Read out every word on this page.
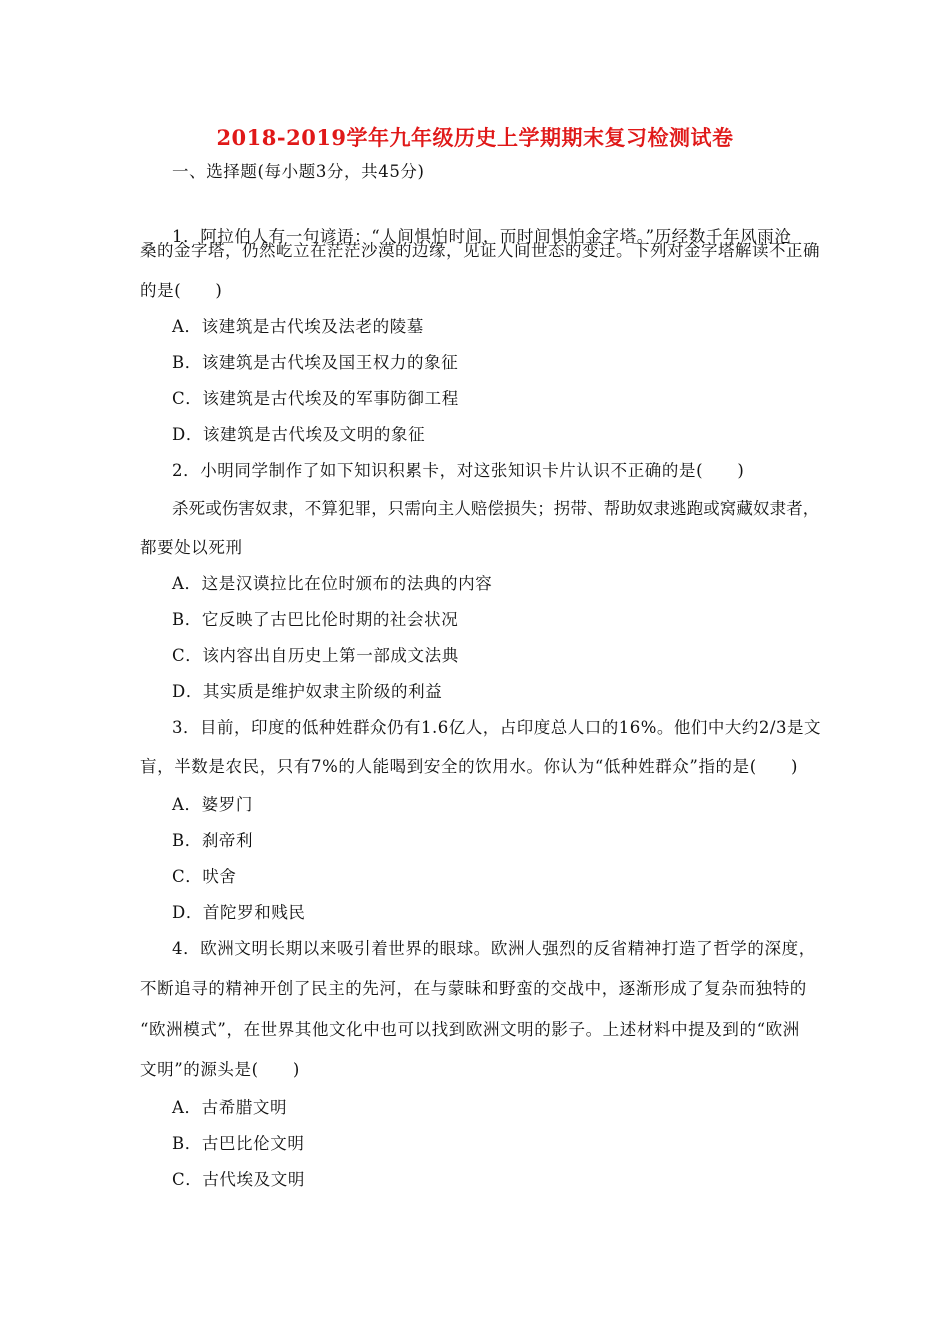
2018-2019学年九年级历史上学期期末复习检测试卷
一、选择题(每小题3分，共45分)
1．阿拉伯人有一句谚语：“人间惧怕时间，而时间惧怕金字塔。”历经数千年风雨沧
桑的金字塔，仍然屹立在茫茫沙漠的边缘，见证人间世态的变迁。下列对金字塔解读不正确
的是(　　)
A．该建筑是古代埃及法老的陵墓
B．该建筑是古代埃及国王权力的象征
C．该建筑是古代埃及的军事防御工程
D．该建筑是古代埃及文明的象征
2．小明同学制作了如下知识积累卡，对这张知识卡片认识不正确的是(　　)
杀死或伤害奴隶，不算犯罪，只需向主人赔偿损失；拐带、帮助奴隶逃跑或窝藏奴隶者，
都要处以死刑
A．这是汉谟拉比在位时颁布的法典的内容
B．它反映了古巴比伦时期的社会状况
C．该内容出自历史上第一部成文法典
D．其实质是维护奴隶主阶级的利益
3．目前，印度的低种姓群众仍有1.6亿人，占印度总人口的16%。他们中大约2/3是文
盲，半数是农民，只有7%的人能喝到安全的饮用水。你认为“低种姓群众”指的是(　　)
A．婆罗门
B．刹帝利
C．吠舍
D．首陀罗和贱民
4．欧洲文明长期以来吸引着世界的眼球。欧洲人强烈的反省精神打造了哲学的深度，
不断追寻的精神开创了民主的先河，在与蒙昧和野蛮的交战中，逐渐形成了复杂而独特的
“欧洲模式”，在世界其他文化中也可以找到欧洲文明的影子。上述材料中提及到的“欧洲
文明”的源头是(　　)
A．古希腊文明
B．古巴比伦文明
C．古代埃及文明
